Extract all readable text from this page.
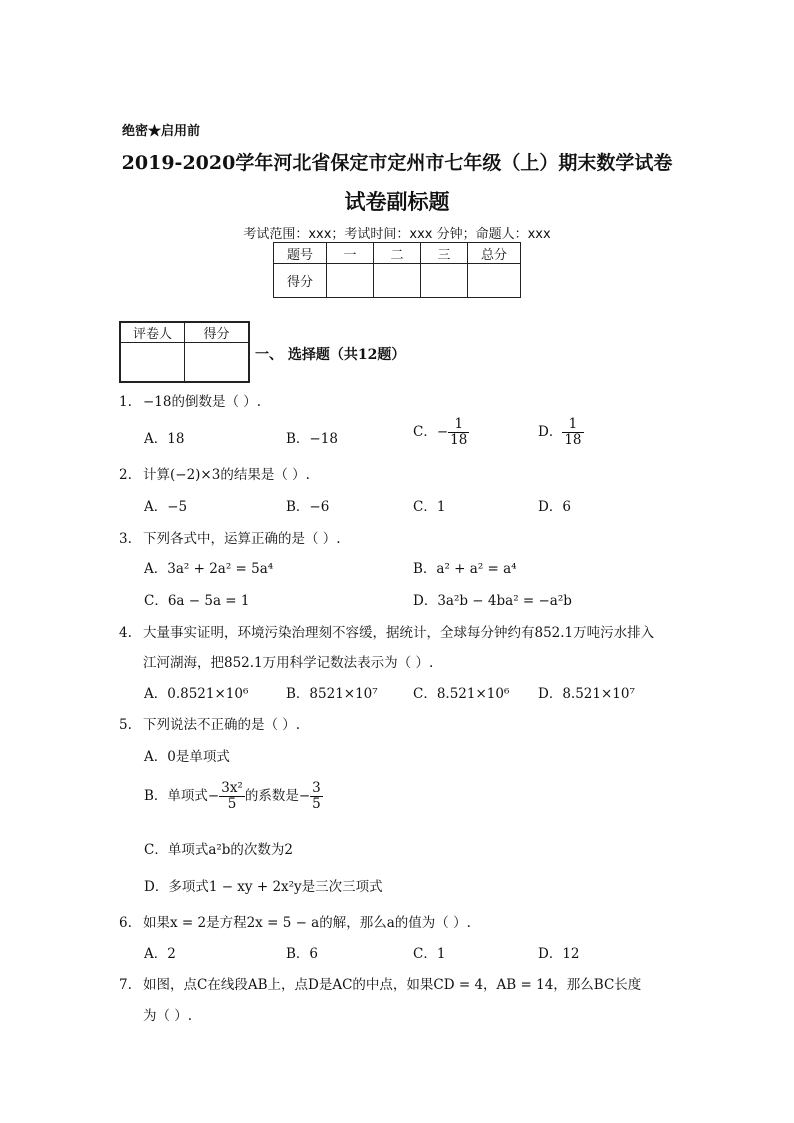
绝密★启用前
2019-2020学年河北省保定市定州市七年级（上）期末数学试卷
试卷副标题
考试范围：xxx；考试时间：xxx 分钟；命题人：xxx
题号	一	二	三	总分
得分				
评卷人	得分

一、 选择题（共12题）
1. −18的倒数是（ ）.
A．18	B．−18	C．− $\frac{1}{18}$	D． $\frac{1}{18}$
2. 计算(−2)×3的结果是（ ）.
A．−5	B．−6	C．1	D．6
3. 下列各式中，运算正确的是（ ）.
A．3a² + 2a² = 5a⁴	B．a² + a² = a⁴
C．6a − 5a = 1	D．3a²b − 4ba² = −a²b
4. 大量事实证明，环境污染治理刻不容缓，据统计，全球每分钟约有852.1万吨污水排入
江河湖海，把852.1万用科学记数法表示为（ ）.
A．0.8521×10⁶	B．8521×10⁷	C．8.521×10⁶ D．8.521×10⁷
5. 下列说法不正确的是（ ）.
A．0是单项式
B．单项式− $\frac{\text{3x²}}{5}$ 的系数是− $\frac{3}{5}$
C．单项式a²b的次数为2
D．多项式1 − xy + 2x²y是三次三项式
6. 如果x = 2是方程2x = 5 − a的解，那么a的值为（ ）.
A．2	B．6	C．1	D．12
7. 如图，点C在线段AB上，点D是AC的中点，如果CD = 4，AB = 14，那么BC长度
为（ ）.
